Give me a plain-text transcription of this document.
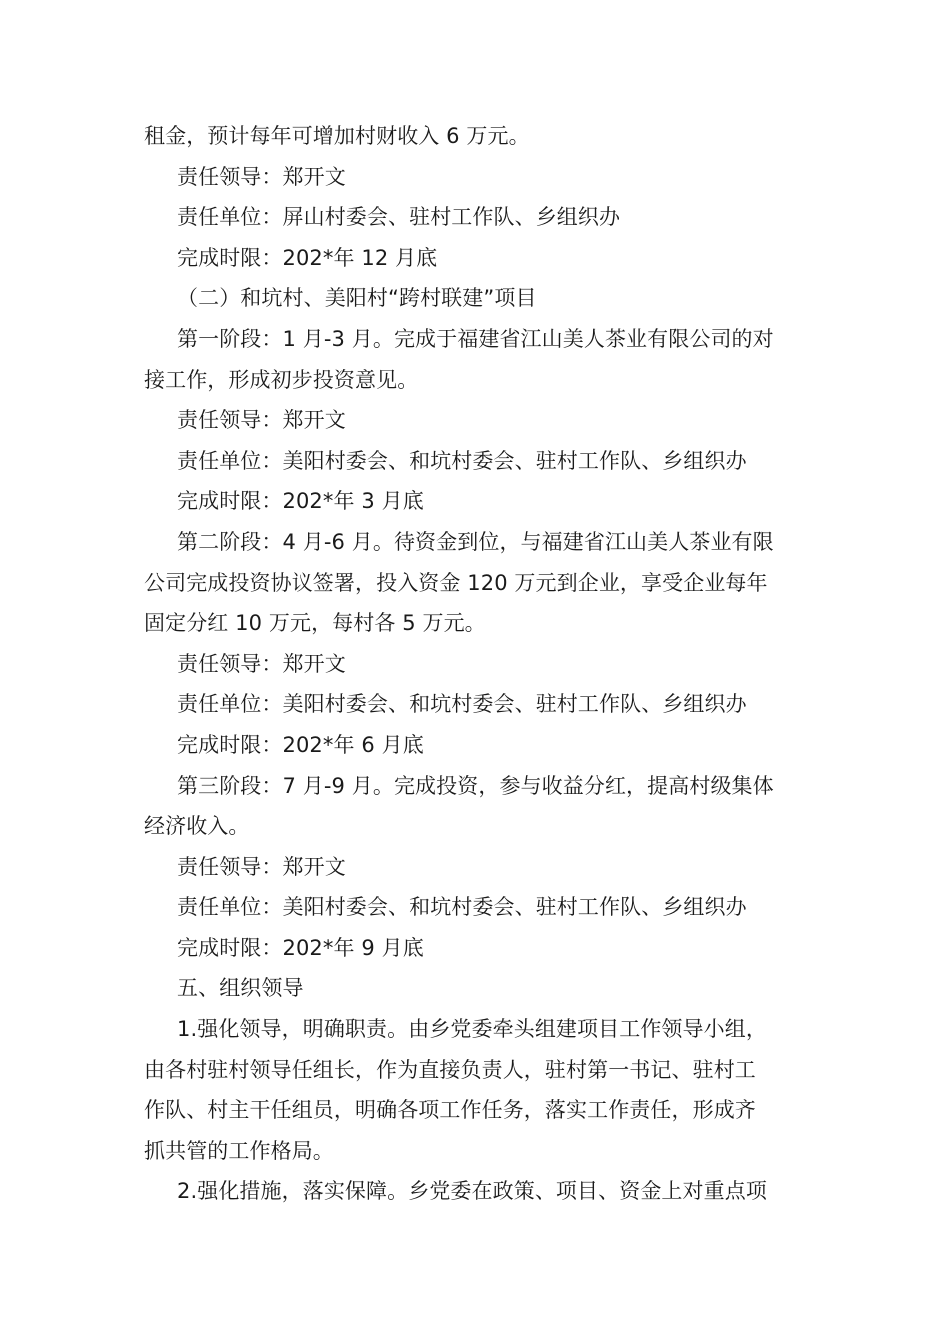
租金，预计每年可增加村财收入 6 万元。
责任领导：郑开文
责任单位：屏山村委会、驻村工作队、乡组织办
完成时限：202*年 12 月底
（二）和坑村、美阳村“跨村联建”项目
第一阶段：1 月-3 月。完成于福建省江山美人茶业有限公司的对
接工作，形成初步投资意见。
责任领导：郑开文
责任单位：美阳村委会、和坑村委会、驻村工作队、乡组织办
完成时限：202*年 3 月底
第二阶段：4 月-6 月。待资金到位，与福建省江山美人茶业有限
公司完成投资协议签署，投入资金 120 万元到企业，享受企业每年
固定分红 10 万元，每村各 5 万元。
责任领导：郑开文
责任单位：美阳村委会、和坑村委会、驻村工作队、乡组织办
完成时限：202*年 6 月底
第三阶段：7 月-9 月。完成投资，参与收益分红，提高村级集体
经济收入。
责任领导：郑开文
责任单位：美阳村委会、和坑村委会、驻村工作队、乡组织办
完成时限：202*年 9 月底
五、组织领导
1.强化领导，明确职责。由乡党委牵头组建项目工作领导小组，
由各村驻村领导任组长，作为直接负责人，驻村第一书记、驻村工
作队、村主干任组员，明确各项工作任务，落实工作责任，形成齐
抓共管的工作格局。
2.强化措施，落实保障。乡党委在政策、项目、资金上对重点项
